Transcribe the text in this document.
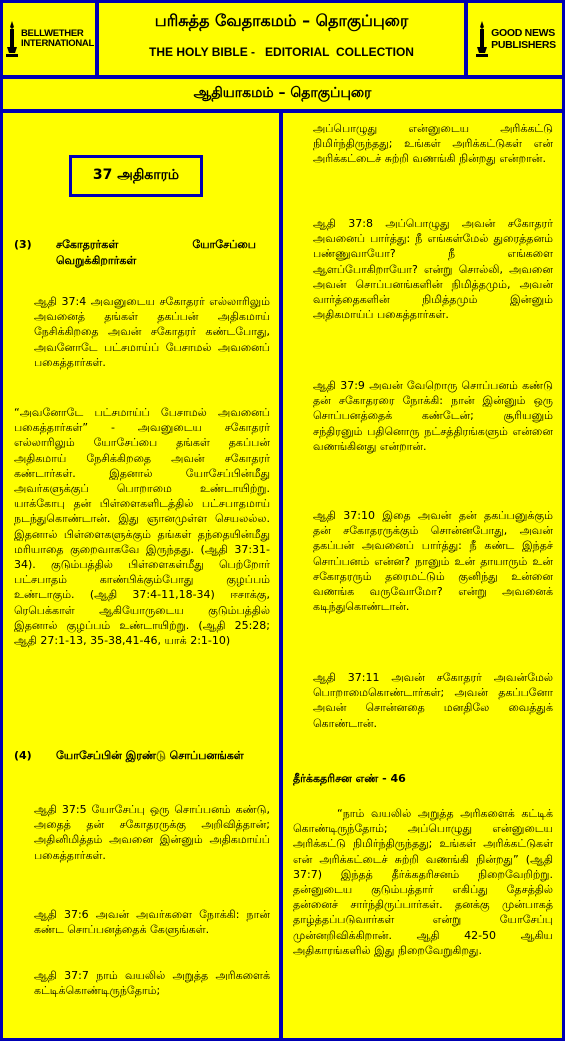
BELLWETHER
INTERNATIONAL
பரிசுத்த வேதாகமம் – தொகுப்புரை
THE HOLY BIBLE -   EDITORIAL  COLLECTION
GOOD NEWS
PUBLISHERS
ஆதியாகமம் – தொகுப்புரை
37 அதிகாரம்
(3)	சகோதரர்கள் யோசேப்பை வெறுக்கிறார்கள்
ஆதி 37:4 அவனுடைய சகோதரர் எல்லாரிலும் அவனைத் தங்கள் தகப்பன் அதிகமாய் நேசிக்கிறதை அவன் சகோதரர் கண்டபோது, அவனோடே பட்சமாய்ப் பேசாமல் அவனைப் பகைத்தார்கள்.
“அவனோடே பட்சமாய்ப் பேசாமல் அவனைப் பகைத்தார்கள்” - அவனுடைய சகோதரர் எல்லாரிலும் யோசேப்பை தங்கள் தகப்பன் அதிகமாய் நேசிக்கிறதை அவன் சகோதரர் கண்டார்கள். இதனால் யோசேப்பின்மீது அவர்களுக்குப் பொறாமை உண்டாயிற்று. யாக்கோபு தன் பிள்ளைகளிடத்தில் பட்சபாதமாய் நடந்துகொண்டான். இது ஞானமுள்ள செயலல்ல. இதனால் பிள்ளைகளுக்கும் தங்கள் தந்தையின்மீது மரியாதை குறைவாகவே இருந்தது. (ஆதி 37:31-34). குடும்பத்தில் பிள்ளைகள்மீது பெற்றோர் பட்சபாதம் காண்பிக்கும்போது குழப்பம் உண்டாகும். (ஆதி 37:4-11,18-34) ஈசாக்கு, ரெபெக்காள் ஆகியோருடைய குடும்பத்தில் இதனால் குழப்பம் உண்டாயிற்று. (ஆதி 25:28; ஆதி 27:1-13, 35-38,41-46, யாக் 2:1-10)
(4)	யோசேப்பின் இரண்டு சொப்பனங்கள்
ஆதி 37:5 யோசேப்பு ஒரு சொப்பனம் கண்டு, அதைத் தன் சகோதரருக்கு அறிவித்தான்; அதினிமித்தம் அவனை இன்னும் அதிகமாய்ப் பகைத்தார்கள்.
ஆதி 37:6 அவன் அவர்களை நோக்கி: நான் கண்ட சொப்பனத்தைக் கேளுங்கள்.
ஆதி 37:7 நாம் வயலில் அறுத்த அரிகளைக் கட்டிக்கொண்டிருந்தோம்;
அப்பொழுது என்னுடைய அரிக்கட்டு நிமிர்ந்திருந்தது; உங்கள் அரிக்கட்டுகள் என் அரிக்கட்டைச் சுற்றி வணங்கி நின்றது என்றான்.
ஆதி 37:8 அப்பொழுது அவன் சகோதரர் அவனைப் பார்த்து: நீ எங்கள்மேல் துரைத்தனம் பண்ணுவாயோ? நீ எங்களை ஆளப்போகிறாயோ? என்று சொல்லி, அவனை அவன் சொப்பனங்களின் நிமித்தமும், அவன் வார்த்தைகளின் நிமித்தமும் இன்னும் அதிகமாய்ப் பகைத்தார்கள்.
ஆதி 37:9 அவன் வேறொரு சொப்பனம் கண்டு தன் சகோதரரை நோக்கி: நான் இன்னும் ஒரு சொப்பனத்தைக் கண்டேன்; சூரியனும் சந்திரனும் பதினொரு நட்சத்திரங்களும் என்னை வணங்கினது என்றான்.
ஆதி 37:10 இதை அவன் தன் தகப்பனுக்கும் தன் சகோதரருக்கும் சொன்னபோது, அவன் தகப்பன் அவனைப் பார்த்து: நீ கண்ட இந்தச் சொப்பனம் என்ன? நானும் உன் தாயாரும் உன் சகோதரரும் தரைமட்டும் குனிந்து உன்னை வணங்க வருவோமோ? என்று அவனைக் கடிந்துகொண்டான்.
ஆதி 37:11 அவன் சகோதரர் அவன்மேல் பொறாமைகொண்டார்கள்; அவன் தகப்பனோ அவன் சொன்னதை மனதிலே வைத்துக் கொண்டான்.
தீர்க்கதரிசன எண் - 46
“நாம் வயலில் அறுத்த அரிகளைக் கட்டிக் கொண்டிருந்தோம்; அப்பொழுது என்னுடைய அரிக்கட்டு நிமிர்ந்திருந்தது; உங்கள் அரிக்கட்டுகள் என் அரிக்கட்டைச் சுற்றி வணங்கி நின்றது” (ஆதி 37:7) இந்தத் தீர்க்கதரிசனம் நிறைவேறிற்று. தன்னுடைய குடும்பத்தார் எகிப்து தேசத்தில் தன்னைச் சார்ந்திருப்பார்கள். தனக்கு முன்பாகத் தாழ்த்தப்படுவார்கள் என்று யோசேப்பு முன்னறிவிக்கிறான். ஆதி 42-50 ஆகிய அதிகாரங்களில் இது நிறைவேறுகிறது.
